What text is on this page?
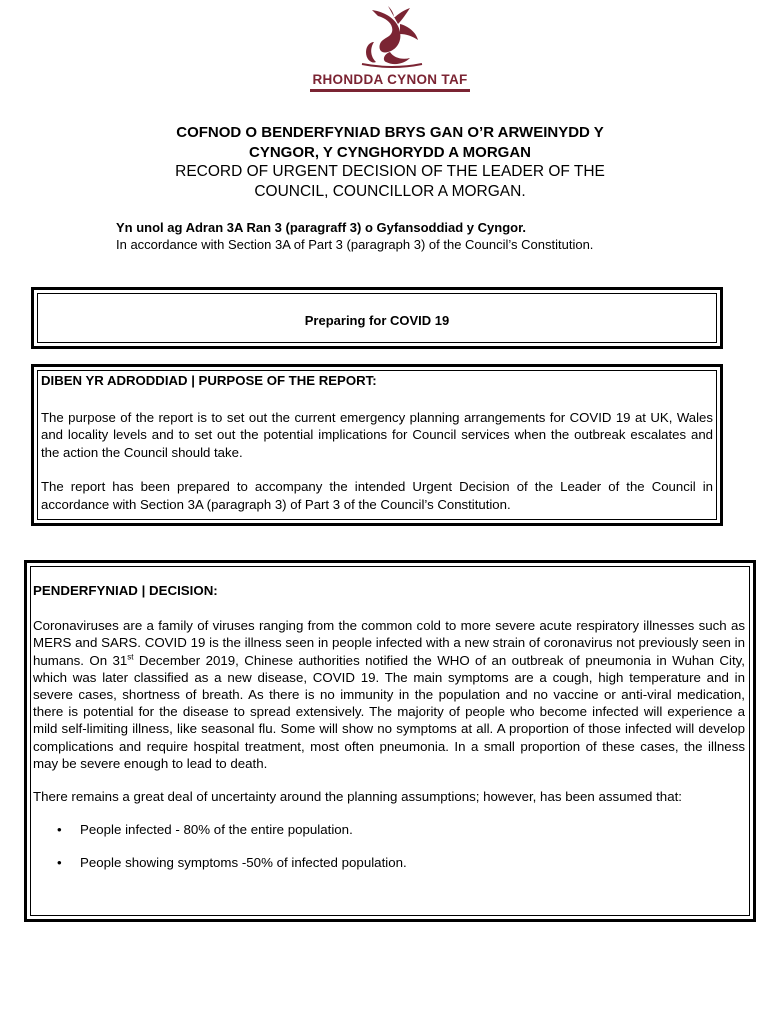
RHONDDA CYNON TAF
COFNOD O BENDERFYNIAD BRYS GAN O’R ARWEINYDD Y
CYNGOR, Y CYNGHORYDD A MORGAN
RECORD OF URGENT DECISION OF THE LEADER OF THE
COUNCIL, COUNCILLOR A MORGAN.
Yn unol ag Adran 3A Ran 3 (paragraff 3) o Gyfansoddiad y Cyngor.
In accordance with Section 3A of Part 3 (paragraph 3) of the Council’s Constitution.
Preparing for COVID 19

DIBEN YR ADRODDIAD | PURPOSE OF THE REPORT:

The purpose of the report is to set out the current emergency planning arrangements for COVID 19 at UK, Wales and locality levels and to set out the potential implications for Council services when the outbreak escalates and the action the Council should take.

The report has been prepared to accompany the intended Urgent Decision of the Leader of the Council in accordance with Section 3A (paragraph 3) of Part 3 of the Council’s Constitution.

PENDERFYNIAD | DECISION:

Coronaviruses are a family of viruses ranging from the common cold to more severe acute respiratory illnesses such as MERS and SARS. COVID 19 is the illness seen in people infected with a new strain of coronavirus not previously seen in humans. On 31st December 2019, Chinese authorities notified the WHO of an outbreak of pneumonia in Wuhan City, which was later classified as a new disease, COVID 19. The main symptoms are a cough, high temperature and in severe cases, shortness of breath. As there is no immunity in the population and no vaccine or anti-viral medication, there is potential for the disease to spread extensively. The majority of people who become infected will experience a mild self-limiting illness, like seasonal flu. Some will show no symptoms at all. A proportion of those infected will develop complications and require hospital treatment, most often pneumonia. In a small proportion of these cases, the illness may be severe enough to lead to death.

There remains a great deal of uncertainty around the planning assumptions; however, has been assumed that:

• People infected - 80% of the entire population.
• People showing symptoms -50% of infected population.
